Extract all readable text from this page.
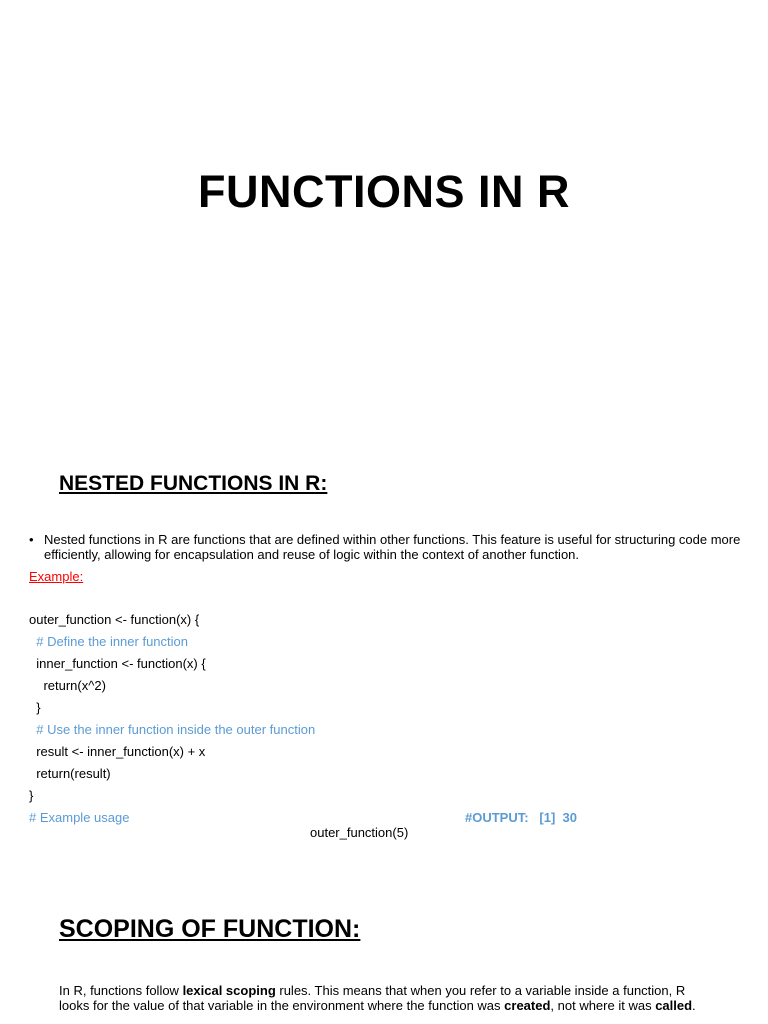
FUNCTIONS IN R
NESTED FUNCTIONS IN R:
• Nested functions in R are functions that are defined within other functions. This feature is useful for structuring code more efficiently, allowing for encapsulation and reuse of logic within the context of another function.
Example:
outer_function <- function(x) {
# Define the inner function
inner_function <- function(x) {
return(x^2)
}
# Use the inner function inside the outer function
result <- inner_function(x) + x
return(result)
}
# Example usage	#OUTPUT:   [1]  30
outer_function(5)
SCOPING OF FUNCTION:
In R, functions follow lexical scoping rules. This means that when you refer to a variable inside a function, R looks for the value of that variable in the environment where the function was created, not where it was called.
